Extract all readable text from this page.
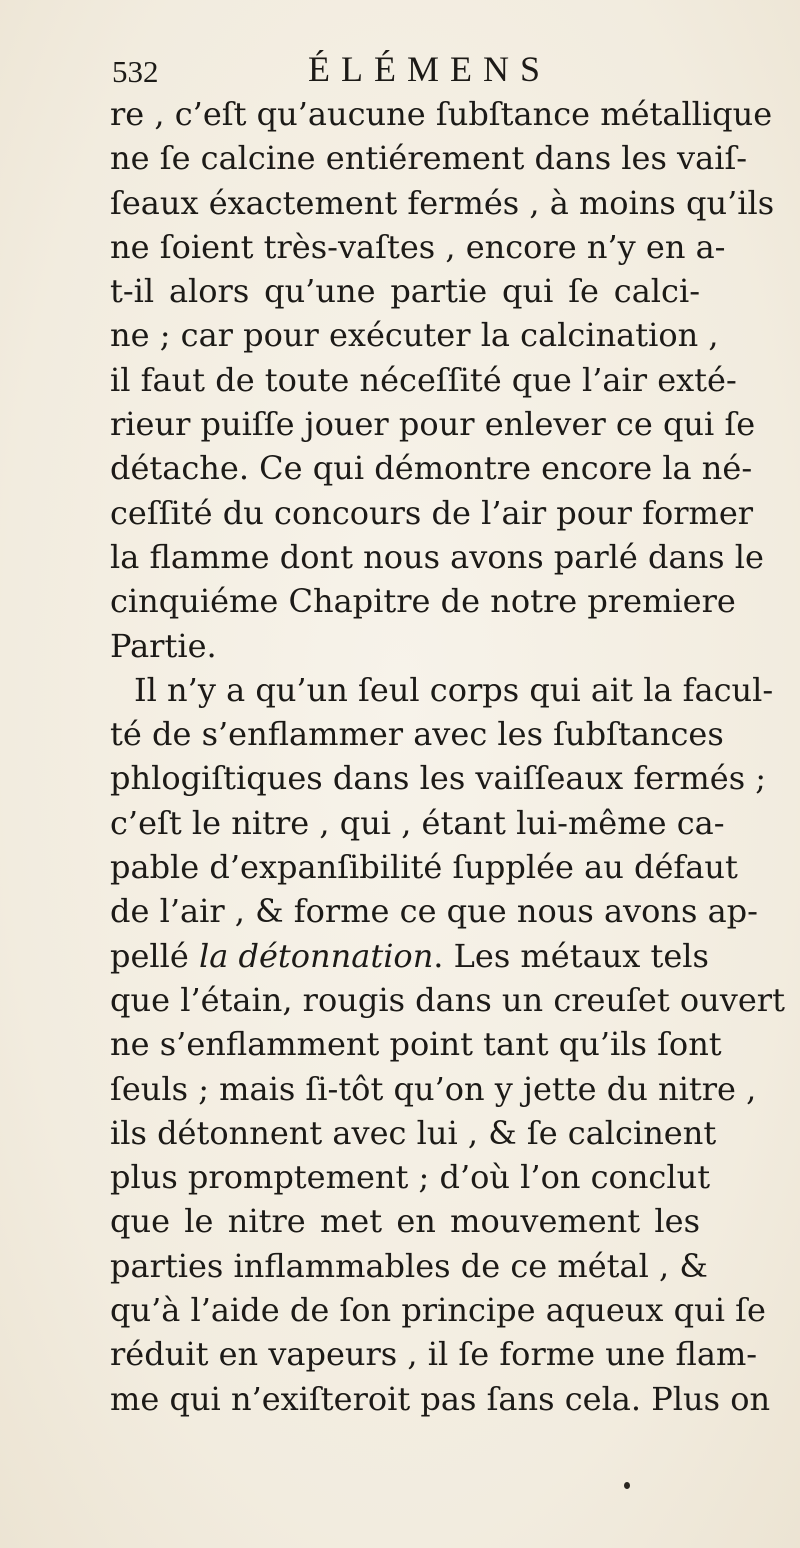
532	ÉLÉMENS
re , c’eſt qu’aucune ſubſtance métallique
ne ſe calcine entiérement dans les vaiſ-
ſeaux éxactement fermés , à moins qu’ils
ne ſoient très-vaſtes , encore n’y en a-
t-il alors qu’une partie qui ſe calci-
ne ; car pour exécuter la calcination ,
il faut de toute néceſſité que l’air exté-
rieur puiſſe jouer pour enlever ce qui ſe
détache. Ce qui démontre encore la né-
ceſſité du concours de l’air pour former
la flamme dont nous avons parlé dans le
cinquiéme Chapitre de notre premiere
Partie.
Il n’y a qu’un ſeul corps qui ait la facul-
té de s’enflammer avec les ſubſtances
phlogiſtiques dans les vaiſſeaux fermés ;
c’eſt le nitre , qui , étant lui-même ca-
pable d’expanſibilité ſupplée au défaut
de l’air , & forme ce que nous avons ap-
pellé la détonnation. Les métaux tels
que l’étain, rougis dans un creuſet ouvert
ne s’enflamment point tant qu’ils ſont
ſeuls ; mais ſi-tôt qu’on y jette du nitre ,
ils détonnent avec lui , & ſe calcinent
plus promptement ; d’où l’on conclut
que le nitre met en mouvement les
parties inflammables de ce métal , &
qu’à l’aide de ſon principe aqueux qui ſe
réduit en vapeurs , il ſe forme une flam-
me qui n’exiſteroit pas ſans cela. Plus on
